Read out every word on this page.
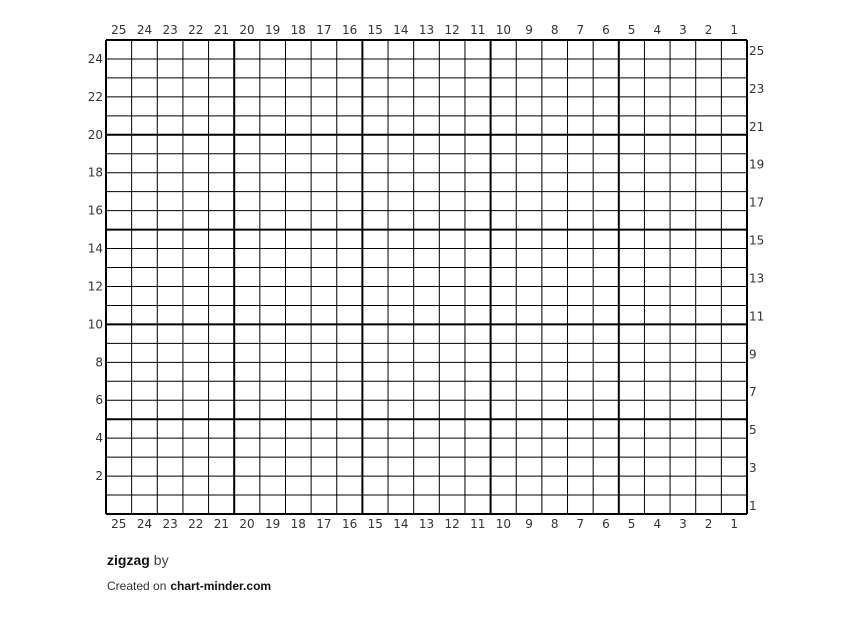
25 24 23 22 21 20 19 18 17 16 15 14 13 12 11 10 9 8 7 6 5 4 3 2 1
25 24 23 22 21 20 19 18 17 16 15 14 13 12 11 10 9 8 7 6 5 4 3 2 1
2
4
6
8
10
12
14
16
18
20
22
24
1
3
5
7
9
11
13
15
17
19
21
23
25
zigzag by
Created on chart-minder.com
